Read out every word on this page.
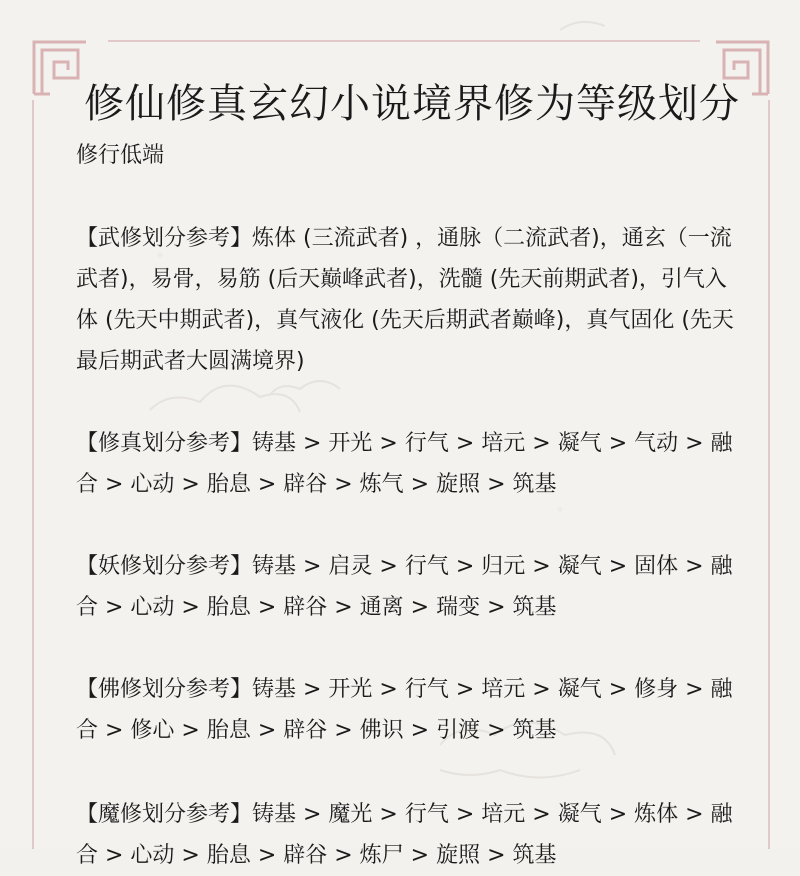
修仙修真玄幻小说境界修为等级划分
修行低端

【武修划分参考】炼体 (三流武者) ，通脉（二流武者)，通玄（一流武者)，易骨，易筋 (后天巅峰武者)，洗髓 (先天前期武者)，引气入体 (先天中期武者)，真气液化 (先天后期武者巅峰)，真气固化 (先天最后期武者大圆满境界)

【修真划分参考】铸基 > 开光 > 行气 > 培元 > 凝气 > 气动 > 融合 > 心动 > 胎息 > 辟谷 > 炼气 > 旋照 > 筑基

【妖修划分参考】铸基 > 启灵 > 行气 > 归元 > 凝气 > 固体 > 融合 > 心动 > 胎息 > 辟谷 > 通离 > 瑞变 > 筑基

【佛修划分参考】铸基 > 开光 > 行气 > 培元 > 凝气 > 修身 > 融合 > 修心 > 胎息 > 辟谷 > 佛识 > 引渡 > 筑基

【魔修划分参考】铸基 > 魔光 > 行气 > 培元 > 凝气 > 炼体 > 融合 > 心动 > 胎息 > 辟谷 > 炼尸 > 旋照 > 筑基
